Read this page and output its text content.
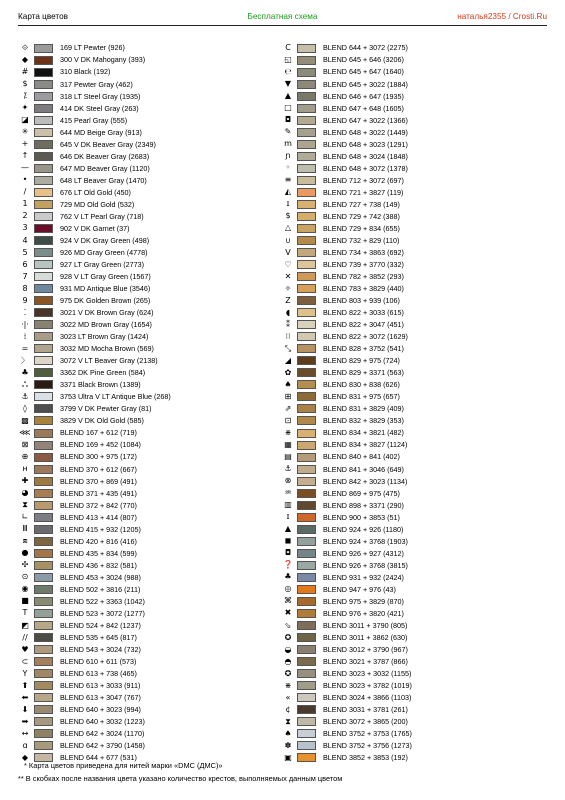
Карта цветов	Бесплатная схема	наталья2355 / Crosti.Ru
⟐	169 LT Pewter (926)
◆	300 V DK Mahogany (393)
#	310 Black (192)
$	317 Pewter Gray (462)
⁒	318 LT Steel Gray (1935)
✦	414 DK Steel Gray (263)
◪	415 Pearl Gray (555)
✳	644 MD Beige Gray (913)
+	645 V DK Beaver Gray (2349)
↑	646 DK Beaver Gray (2683)
—	647 MD Beaver Gray (1120)
•	648 LT Beaver Gray (1470)
/	676 LT Old Gold (450)
1	729 MD Old Gold (532)
2	762 V LT Pearl Gray (718)
3	902 V DK Garnet (37)
4	924 V DK Gray Green (498)
5	926 MD Gray Green (4778)
6	927 LT Gray Green (2773)
7	928 V LT Gray Green (1567)
8	931 MD Antique Blue (3546)
9	975 DK Golden Brown (265)
⁚	3021 V DK Brown Gray (624)
·|·	3022 MD Brown Gray (1654)
⁞	3023 LT Brown Gray (1424)
=	3032 MD Mocha Brown (569)
〉	3072 V LT Beaver Gray (2138)
♣	3362 DK Pine Green (584)
ஃ	3371 Black Brown (1389)
⚓	3753 Ultra V LT Antique Blue (268)
◊	3799 V DK Pewter Gray (81)
▩	3829 V DK Old Gold (585)
⋘	BLEND 167 + 612 (719)
⊠	BLEND 169 + 452 (1084)
⊕	BLEND 300 + 975 (172)
н	BLEND 370 + 612 (667)
✚	BLEND 370 + 869 (491)
◕	BLEND 371 + 435 (491)
⧗	BLEND 372 + 842 (770)
∟	BLEND 413 + 414 (807)
Ⅲ	BLEND 415 + 932 (1205)
⧈	BLEND 420 + 816 (416)
●	BLEND 435 + 834 (599)
✣	BLEND 436 + 832 (581)
⊙	BLEND 453 + 3024 (988)
◉	BLEND 502 + 3816 (211)
■	BLEND 522 + 3363 (1042)
T	BLEND 523 + 3072 (1277)
◩	BLEND 524 + 842 (1237)
//	BLEND 535 + 645 (817)
♥	BLEND 543 + 3024 (732)
⊂	BLEND 610 + 611 (573)
Y	BLEND 613 + 738 (465)
⬆	BLEND 613 + 3033 (911)
⬅	BLEND 613 + 3047 (767)
⬇	BLEND 640 + 3023 (994)
➡	BLEND 640 + 3032 (1223)
↔	BLEND 642 + 3024 (1170)
ɑ	BLEND 642 + 3790 (1458)
◆	BLEND 644 + 677 (531)
C	BLEND 644 + 3072 (2275)
◱	BLEND 645 + 646 (3206)
℮	BLEND 645 + 647 (1640)
▼	BLEND 645 + 3022 (1884)
▲	BLEND 646 + 647 (1935)
□	BLEND 647 + 648 (1605)
◘	BLEND 647 + 3022 (1366)
✎	BLEND 648 + 3022 (1449)
m	BLEND 648 + 3023 (1291)
ɲ	BLEND 648 + 3024 (1848)
◦	BLEND 648 + 3072 (1378)
≡	BLEND 712 + 3072 (697)
◭	BLEND 721 + 3827 (119)
ɪ	BLEND 727 + 738 (149)
$	BLEND 729 + 742 (388)
△	BLEND 729 + 834 (655)
∪	BLEND 732 + 829 (110)
V	BLEND 734 + 3863 (692)
♡	BLEND 739 + 3770 (332)
✕	BLEND 782 + 3852 (293)
✧	BLEND 783 + 3829 (440)
Z	BLEND 803 + 939 (106)
◖	BLEND 822 + 3033 (615)
⁑	BLEND 822 + 3047 (451)
⁝⁝	BLEND 822 + 3072 (1629)
⤡	BLEND 828 + 3752 (541)
◢	BLEND 829 + 975 (724)
✿	BLEND 829 + 3371 (563)
♠	BLEND 830 + 838 (626)
⊞	BLEND 831 + 975 (657)
⇗	BLEND 831 + 3829 (409)
⊡	BLEND 832 + 3829 (353)
⋇	BLEND 834 + 3821 (482)
▦	BLEND 834 + 3827 (1124)
▤	BLEND 840 + 841 (402)
⚓	BLEND 841 + 3046 (649)
⊗	BLEND 842 + 3023 (1134)
♒	BLEND 869 + 975 (475)
▥	BLEND 898 + 3371 (290)
ɪ	BLEND 900 + 3853 (51)
▲	BLEND 924 + 926 (1180)
◼	BLEND 924 + 3768 (1903)
◘	BLEND 926 + 927 (4312)
❓	BLEND 926 + 3768 (3815)
♣	BLEND 931 + 932 (2424)
◎	BLEND 947 + 976 (43)
⌘	BLEND 975 + 3829 (870)
✖	BLEND 976 + 3820 (421)
⬂	BLEND 3011 + 3790 (805)
✪	BLEND 3011 + 3862 (630)
◒	BLEND 3012 + 3790 (967)
◓	BLEND 3021 + 3787 (866)
✪	BLEND 3023 + 3032 (1155)
⋇	BLEND 3023 + 3782 (1019)
«	BLEND 3024 + 3866 (1103)
¢	BLEND 3031 + 3781 (261)
⧗	BLEND 3072 + 3865 (200)
♠	BLEND 3752 + 3753 (1765)
✽	BLEND 3752 + 3756 (1273)
▣	BLEND 3852 + 3853 (192)
* Карта цветов приведена для нитей марки «DMC (ДМС)»
** В скобках после названия цвета указано количество крестов, выполняемых данным цветом
